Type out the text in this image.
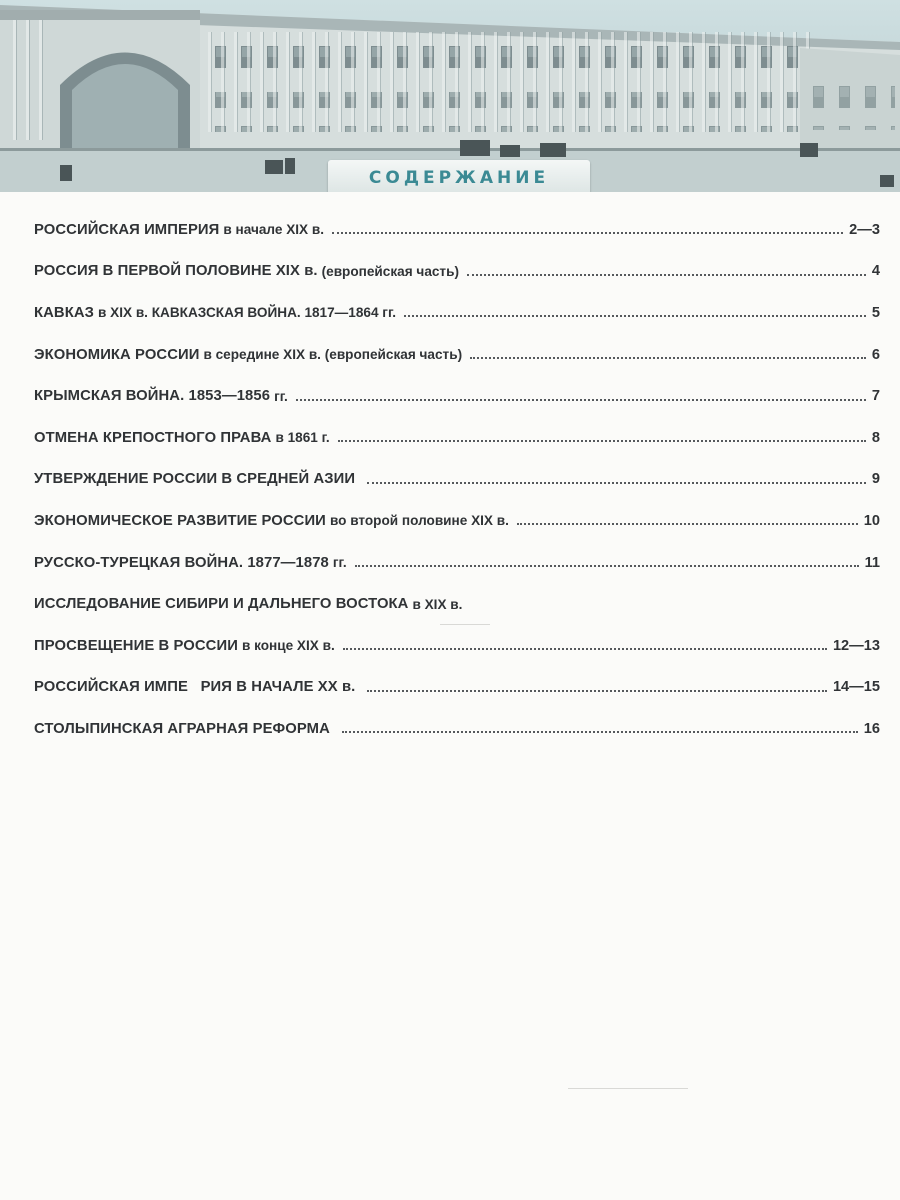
СОДЕРЖАНИЕ
РОССИЙСКАЯ ИМПЕРИЯ в начале XIX в.	2—3
РОССИЯ В ПЕРВОЙ ПОЛОВИНЕ XIX в. (европейская часть)	4
КАВКАЗ в XIX в. КАВКАЗСКАЯ ВОЙНА. 1817—1864 гг.	5
ЭКОНОМИКА РОССИИ в середине XIX в. (европейская часть)	6
КРЫМСКАЯ ВОЙНА. 1853—1856 гг.	7
ОТМЕНА КРЕПОСТНОГО ПРАВА в 1861 г.	8
УТВЕРЖДЕНИЕ РОССИИ В СРЕДНЕЙ АЗИИ	9
ЭКОНОМИЧЕСКОЕ РАЗВИТИЕ РОССИИ во второй половине XIX в.	10
РУССКО-ТУРЕЦКАЯ ВОЙНА. 1877—1878 гг.	11
ИССЛЕДОВАНИЕ СИБИРИ И ДАЛЬНЕГО ВОСТОКА в XIX в.
ПРОСВЕЩЕНИЕ В РОССИИ в конце XIX в.	12—13
РОССИЙСКАЯ ИМПЕ   РИЯ В НАЧАЛЕ XX в.	14—15
СТОЛЫПИНСКАЯ АГРАРНАЯ РЕФОРМА	16
